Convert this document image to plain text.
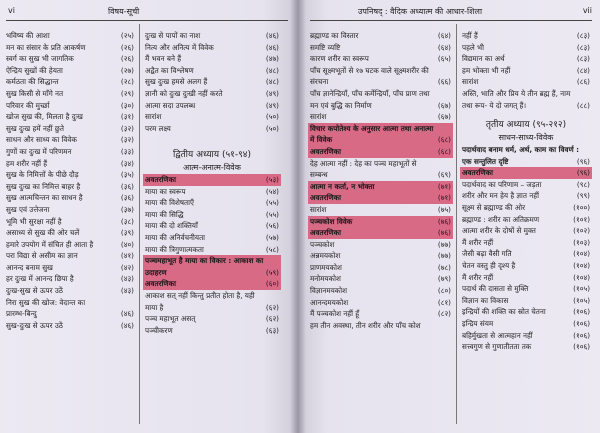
vi	विषय-सूची
भविष्य की आशा	(२५)
मन का संसार के प्रति आकर्षण	(२६)
स्वर्ग का सुख भी जागतिक	(२६)
ऐन्द्रिय सुखों की हेयता	(२७)
कर्मठता की सिद्धान्त	(२८)
सुख किसी से माँगे नत	(२९)
परिवार की मुर्च्छा	(३०)
खोज सुख की, मिलता है दुःख	(३१)
सुख दुःख हमें नहीं छुते	(३२)
साधन और साध्य का विवेक	(३२)
गुणों का दुःख में परिणमन	(३३)
हम शरीर नहीं हैं	(३४)
सुख के निमित्तों के पीछे दौड़	(३५)
सुख दुःख का निमित्त बाहर है	(३६)
सुख आत्मचिन्तन का साधन है	(३६)
सुख एवं उत्तेजना	(३७)
भूमि भी सुरक्षा नहीं है	(३८)
असाध्य से सुख की ओर चलें	(३९)
हमारे उपयोग में संचित ही आता है	(४०)
परा विद्या से असीम का ज्ञान	(४१)
आनन्द बनाम सुख	(४२)
हर दुःख में आनन्द छिपा है	(४३)
दुःख-सुख से ऊपर उठें	(४३)
निरा सुख की खोज: वेदान्त का
प्रारम्भ-बिन्दु	(४६)
सुख-दुःख से ऊपर उठें	(४६)
दुःख से पापों का नाश	(४६)
नित्य और अनित्य में विवेक	(४६)
मैं भवन बने हैं	(४७)
अद्वैत का विश्लेषण	(४८)
सुख दुःख हमसे अलग हैं	(४८)
ज्ञानी को दुःख दुःखी नहीं करते	(४९)
आत्मा सदा उपलब्ध	(४९)
सारांश	(५०)
परम लक्ष्य	(५०)
द्वितीय अध्याय (५१-९४)
आत्म-अनात्म-विवेक
अवतरणिका	(५३)
माया का स्वरूप	(५४)
माया की विशेषताएँ	(५५)
माया की सिद्धि	(५५)
माया की दो शक्तियाँ	(५६)
माया की अनिर्वचनीयता	(५७)
माया की त्रिगुणात्मकता	(५८)
पञ्चमहाभूत है माया का विकार : आकाश का
उदाहरण	(५९)
अवतरणिका	(६०)
आकाश सत् नहीं किन्तु प्रतीत होता है, यही
माया है	(६२)
पञ्च महाभूत असत्	(६२)
पञ्चीकरण	(६३)
उपनिषद् : वैदिक अध्यात्म की आधार-शिला	vii
ब्रह्माण्ड का विस्तार	(६४)
समष्टि व्यष्टि	(६४)
कारण शरीर का स्वरूप	(६५)
पाँच सूक्ष्मभूतों से १७ घटक वाले सूक्ष्मशरीर की
संरचना	(६६)
पाँच ज्ञानेन्द्रियाँ, पाँच कर्मेन्द्रियाँ, पाँच प्राण तथा
मन एवं बुद्धि का निर्माण	(६७)
सारांश	(६७)
विचार कपोतेश्य के अनुसार आत्मा तथा अनात्मा
में विवेक	(६८)
अवतरणिका	(६८)
देह आत्मा नहीं : देह का पञ्च महाभूतों से
सम्बन्ध	(६९)
आत्मा न कर्ता, न भोक्ता	(७१)
अवतरणिका	(७१)
सारांश	(७५)
पञ्चकोश विवेक	(७६)
अवतरणिका	(७६)
पञ्चकोश	(७७)
अन्नमयकोश	(७७)
प्राणमयकोश	(७८)
मनोमयकोश	(७९)
विज्ञानमयकोश	(८०)
आनन्दमयकोश	(८१)
मैं पञ्चकोश नहीं हूँ	(८२)
हम तीन अवस्था, तीन शरीर और पाँच कोश
नहीं हैं	(८३)
पहले भी	(८३)
विद्यमान का अर्थ	(८३)
हम भोक्ता भी नहीं	(८४)
सारांश	(८६)
अस्ति, भाति और प्रिय ये तीन ब्रह्म हैं, नाम
तथा रूप- ये दो जगत् हैं।	(८८)
तृतीय अध्याय (९५-२१२)
साधन-साध्य-विवेक
पदार्थवाद बनाम धर्म, अर्थ, काम का विवर्ण :
एक सन्तुलित दृष्टि	(९६)
अवतरणिका	(९६)
पदार्थवाद का परिणाम – जड़ता	(९८)
शरीर और मन हेय है ज्ञात नहीं	(९९)
सूक्ष्म से ब्रह्माण्ड की ओर	(१००)
ब्रह्माण्ड : शरीर का अतिक्रमण	(१०१)
आत्मा शरीर के दोषों से मुक्त	(१०२)
मैं शरीर नहीं	(१०३)
जैसी बढ़ा वैसी गति	(१०४)
चेतन वस्तु ही दृश्य है	(१०४)
मैं शरीर नहीं	(१०४)
पदार्थ की दासता से मुक्ति	(१०५)
विज्ञान का विकास	(१०५)
इन्द्रियों की शक्ति का स्रोत चेतना	(१०६)
इन्द्रिय संयम	(१०६)
बहिर्मुखता से आत्महान नहीं	(१०६)
सत्त्वगुण से गुणातीतता तक	(१०६)
